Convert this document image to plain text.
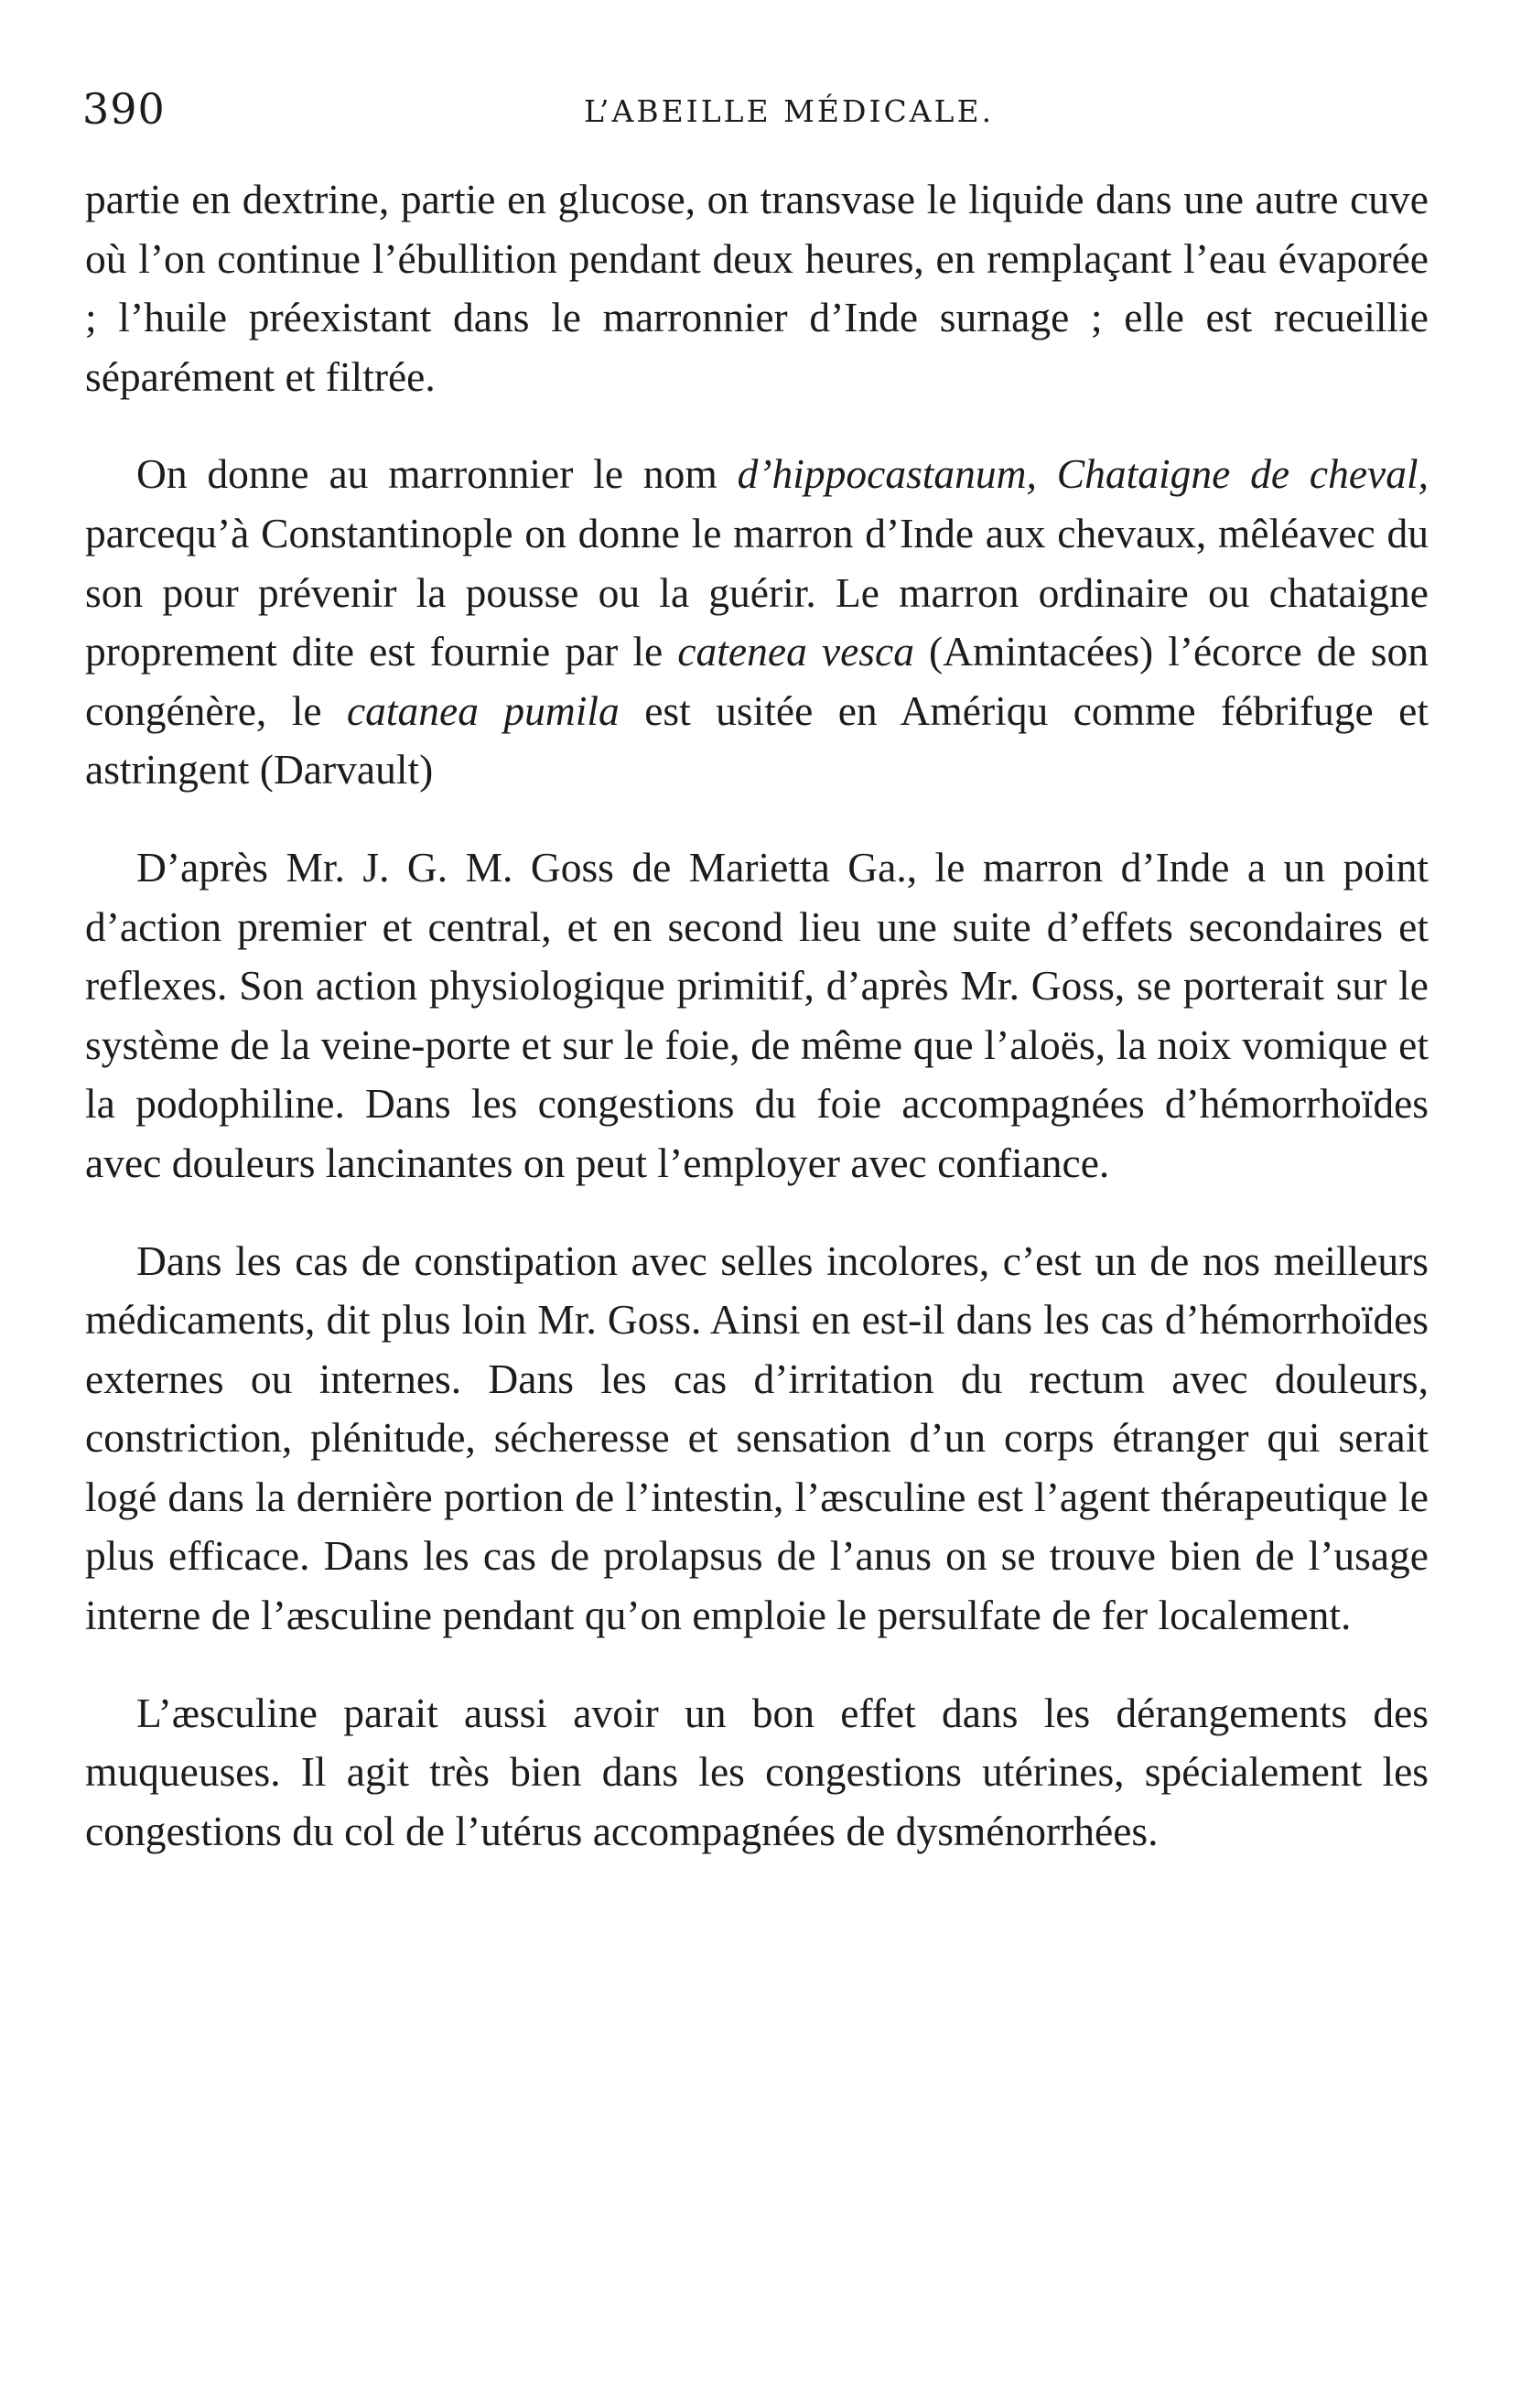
390	L’ABEILLE MÉDICALE.

partie en dextrine, partie en glucose, on transvase le liquide dans une autre cuve où l’on continue l’ébullition pendant deux heures, en remplaçant l’eau évaporée ; l’huile préexistant dans le marronnier d’Inde surnage ; elle est recueillie séparément et filtrée.

On donne au marronnier le nom d’hippocastanum, Chataigne de cheval, parcequ’à Constantinople on donne le marron d’Inde aux chevaux, mêléavec du son pour prévenir la pousse ou la guérir. Le marron ordinaire ou chataigne proprement dite est fournie par le catenea vesca (Amintacées) l’écorce de son congénère, le catanea pumila est usitée en Amériqu comme fébrifuge et astringent (Darvault)

D’après Mr. J. G. M. Goss de Marietta Ga., le marron d’Inde a un point d’action premier et central, et en second lieu une suite d’effets secondaires et reflexes. Son action physiologique primitif, d’après Mr. Goss, se porterait sur le système de la veine-porte et sur le foie, de même que l’aloës, la noix vomique et la podophiline. Dans les congestions du foie accompagnées d’hémorrhoïdes avec douleurs lancinantes on peut l’employer avec confiance.

Dans les cas de constipation avec selles incolores, c’est un de nos meilleurs médicaments, dit plus loin Mr. Goss. Ainsi en est-il dans les cas d’hémorrhoïdes externes ou internes. Dans les cas d’irritation du rectum avec douleurs, constriction, plénitude, sécheresse et sensation d’un corps étranger qui serait logé dans la dernière portion de l’intestin, l’æsculine est l’agent thérapeutique le plus efficace. Dans les cas de prolapsus de l’anus on se trouve bien de l’usage interne de l’æsculine pendant qu’on emploie le persulfate de fer localement.

L’æsculine parait aussi avoir un bon effet dans les dérangements des muqueuses. Il agit très bien dans les congestions utérines, spécialement les congestions du col de l’utérus accompagnées de dysménorrhées.
